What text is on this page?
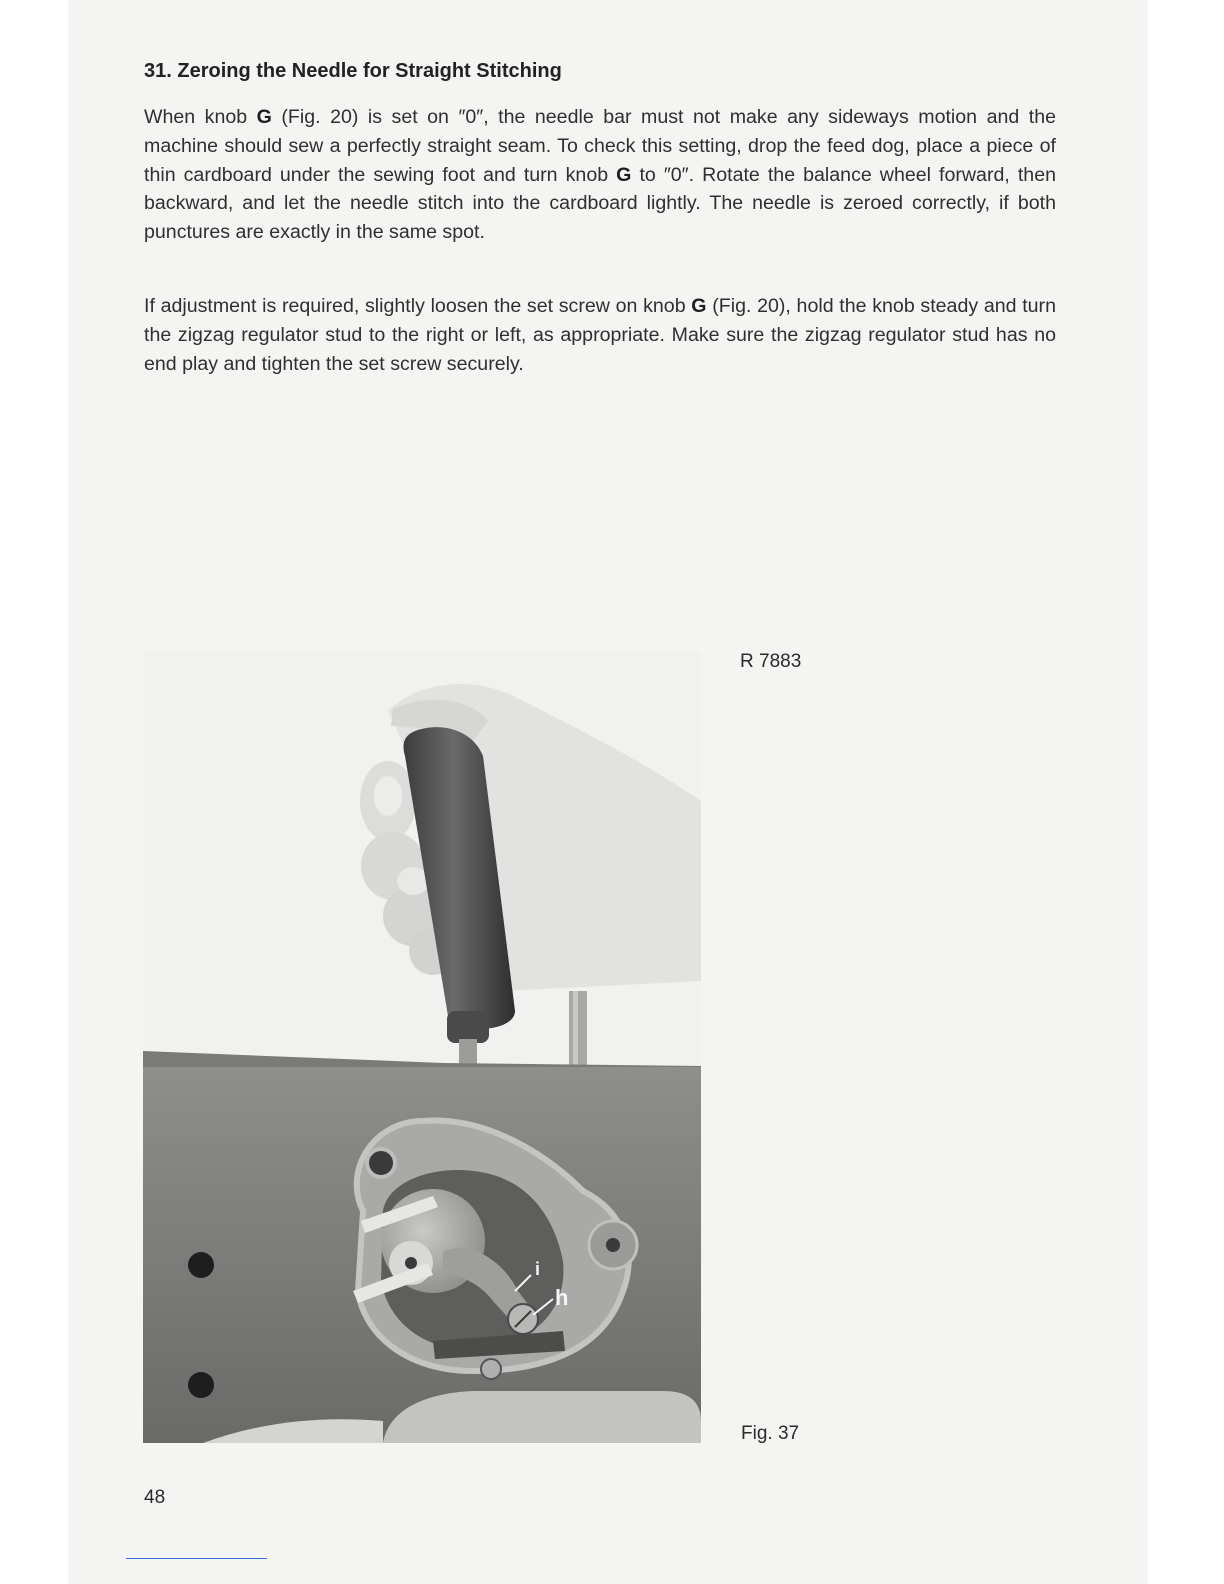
31. Zeroing the Needle for Straight Stitching

When knob G (Fig. 20) is set on ″0″, the needle bar must not make any sideways motion and the machine should sew a perfectly straight seam. To check this setting, drop the feed dog, place a piece of thin cardboard under the sewing foot and turn knob G to ″0″. Rotate the balance wheel forward, then backward, and let the needle stitch into the cardboard lightly. The needle is zeroed correctly, if both punctures are exactly in the same spot.

If adjustment is required, slightly loosen the set screw on knob G (Fig. 20), hold the knob steady and turn the zigzag regulator stud to the right or left, as appropriate. Make sure the zigzag regulator stud has no end play and tighten the set screw securely.

i
h
R 7883
Fig. 37
48
